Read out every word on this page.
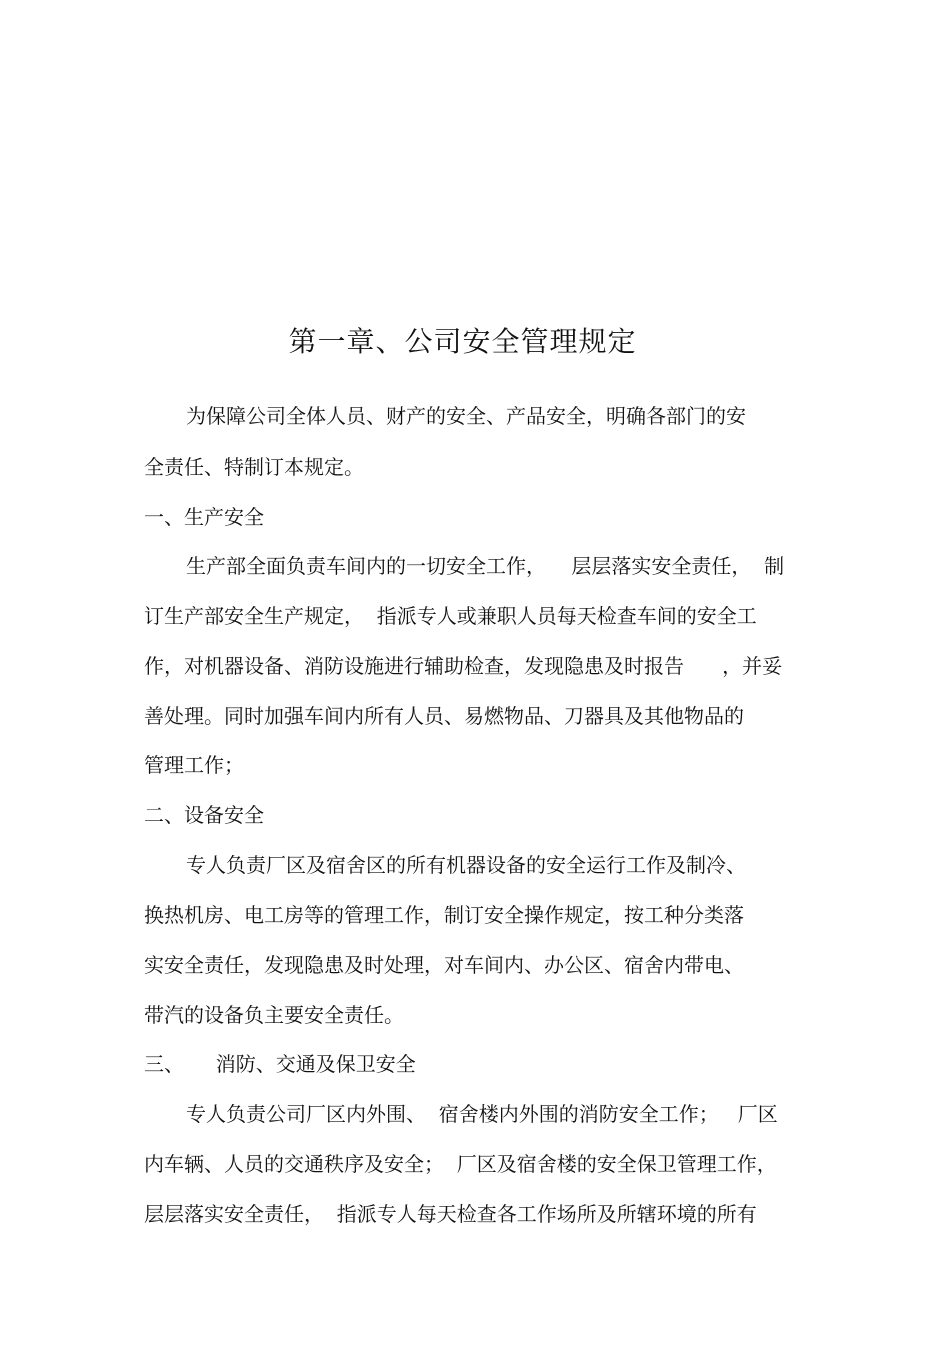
第一章、公司安全管理规定
为保障公司全体人员、财产的安全、产品安全，明确各部门的安
全责任、特制订本规定。
一、生产安全
生产部全面负责车间内的一切安全工作，    层层落实安全责任，  制
订生产部安全生产规定，  指派专人或兼职人员每天检查车间的安全工
作，对机器设备、消防设施进行辅助检查，发现隐患及时报告      ，并妥
善处理。同时加强车间内所有人员、易燃物品、刀器具及其他物品的
管理工作；
二、设备安全
专人负责厂区及宿舍区的所有机器设备的安全运行工作及制冷、
换热机房、电工房等的管理工作，制订安全操作规定，按工种分类落
实安全责任，发现隐患及时处理，对车间内、办公区、宿舍内带电、
带汽的设备负主要安全责任。
三、     消防、交通及保卫安全
专人负责公司厂区内外围、  宿舍楼内外围的消防安全工作；   厂区
内车辆、人员的交通秩序及安全；  厂区及宿舍楼的安全保卫管理工作，
层层落实安全责任，  指派专人每天检查各工作场所及所辖环境的所有
